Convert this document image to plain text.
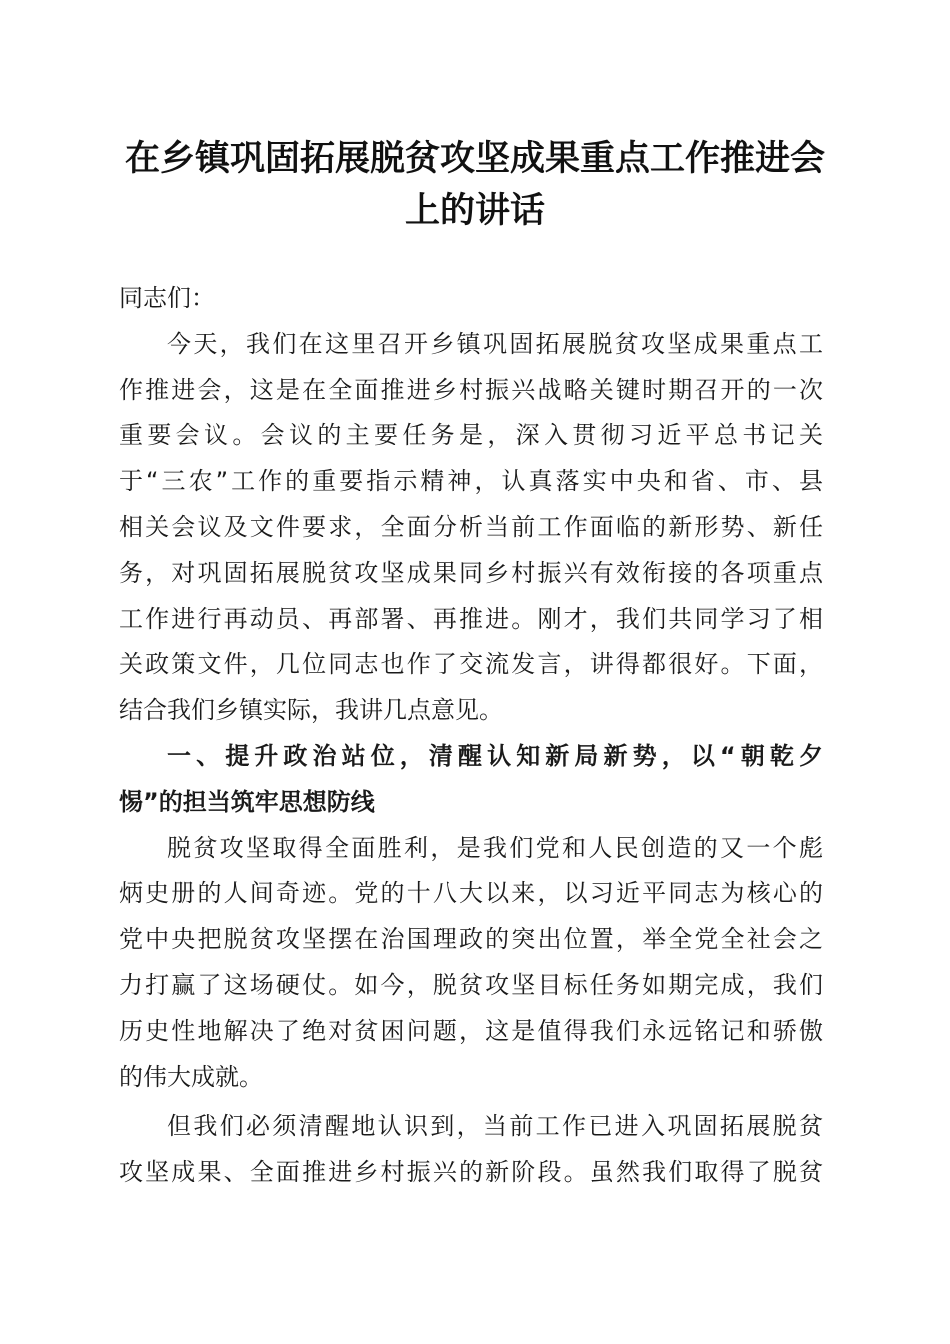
在乡镇巩固拓展脱贫攻坚成果重点工作推进会
上的讲话
同志们：
今天，我们在这里召开乡镇巩固拓展脱贫攻坚成果重点工
作推进会，这是在全面推进乡村振兴战略关键时期召开的一次
重要会议。会议的主要任务是，深入贯彻习近平总书记关
于“三农”工作的重要指示精神，认真落实中央和省、市、县
相关会议及文件要求，全面分析当前工作面临的新形势、新任
务，对巩固拓展脱贫攻坚成果同乡村振兴有效衔接的各项重点
工作进行再动员、再部署、再推进。刚才，我们共同学习了相
关政策文件，几位同志也作了交流发言，讲得都很好。下面，
结合我们乡镇实际，我讲几点意见。
一、提升政治站位，清醒认知新局新势，以“朝乾夕
惕”的担当筑牢思想防线
脱贫攻坚取得全面胜利，是我们党和人民创造的又一个彪
炳史册的人间奇迹。党的十八大以来，以习近平同志为核心的
党中央把脱贫攻坚摆在治国理政的突出位置，举全党全社会之
力打赢了这场硬仗。如今，脱贫攻坚目标任务如期完成，我们
历史性地解决了绝对贫困问题，这是值得我们永远铭记和骄傲
的伟大成就。
但我们必须清醒地认识到，当前工作已进入巩固拓展脱贫
攻坚成果、全面推进乡村振兴的新阶段。虽然我们取得了脱贫
